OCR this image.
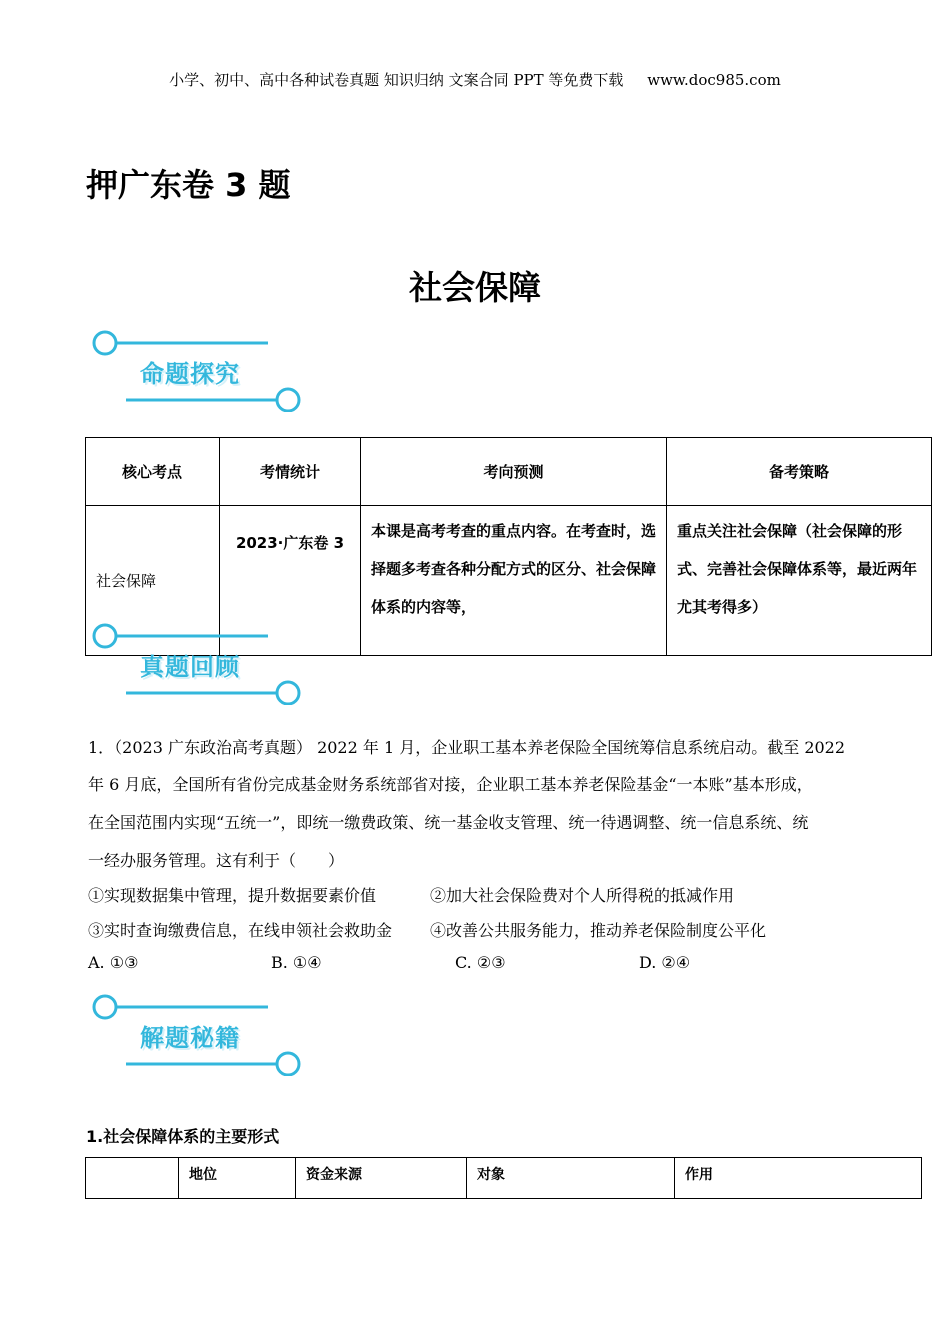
小学、初中、高中各种试卷真题 知识归纳 文案合同 PPT 等免费下载     www.doc985.com
押广东卷 3 题
社会保障
命题探究
核心考点	考情统计	考向预测	备考策略
社会保障	2023·广东卷 3	本课是高考考查的重点内容。在考查时，选择题多考查各种分配方式的区分、社会保障体系的内容等，	重点关注社会保障（社会保障的形式、完善社会保障体系等，最近两年尤其考得多）
真题回顾
1．（2023 广东政治高考真题） 2022 年 1 月，企业职工基本养老保险全国统筹信息系统启动。截至 2022
年 6 月底，全国所有省份完成基金财务系统部省对接，企业职工基本养老保险基金“一本账”基本形成，
在全国范围内实现“五统一”，即统一缴费政策、统一基金收支管理、统一待遇调整、统一信息系统、统
一经办服务管理。这有利于（　　）
①实现数据集中管理，提升数据要素价值	②加大社会保险费对个人所得税的抵减作用
③实时查询缴费信息，在线申领社会救助金 ④改善公共服务能力，推动养老保险制度公平化
A. ①③	B. ①④	C. ②③	D. ②④
解题秘籍
1.社会保障体系的主要形式
	地位	资金来源	对象	作用
